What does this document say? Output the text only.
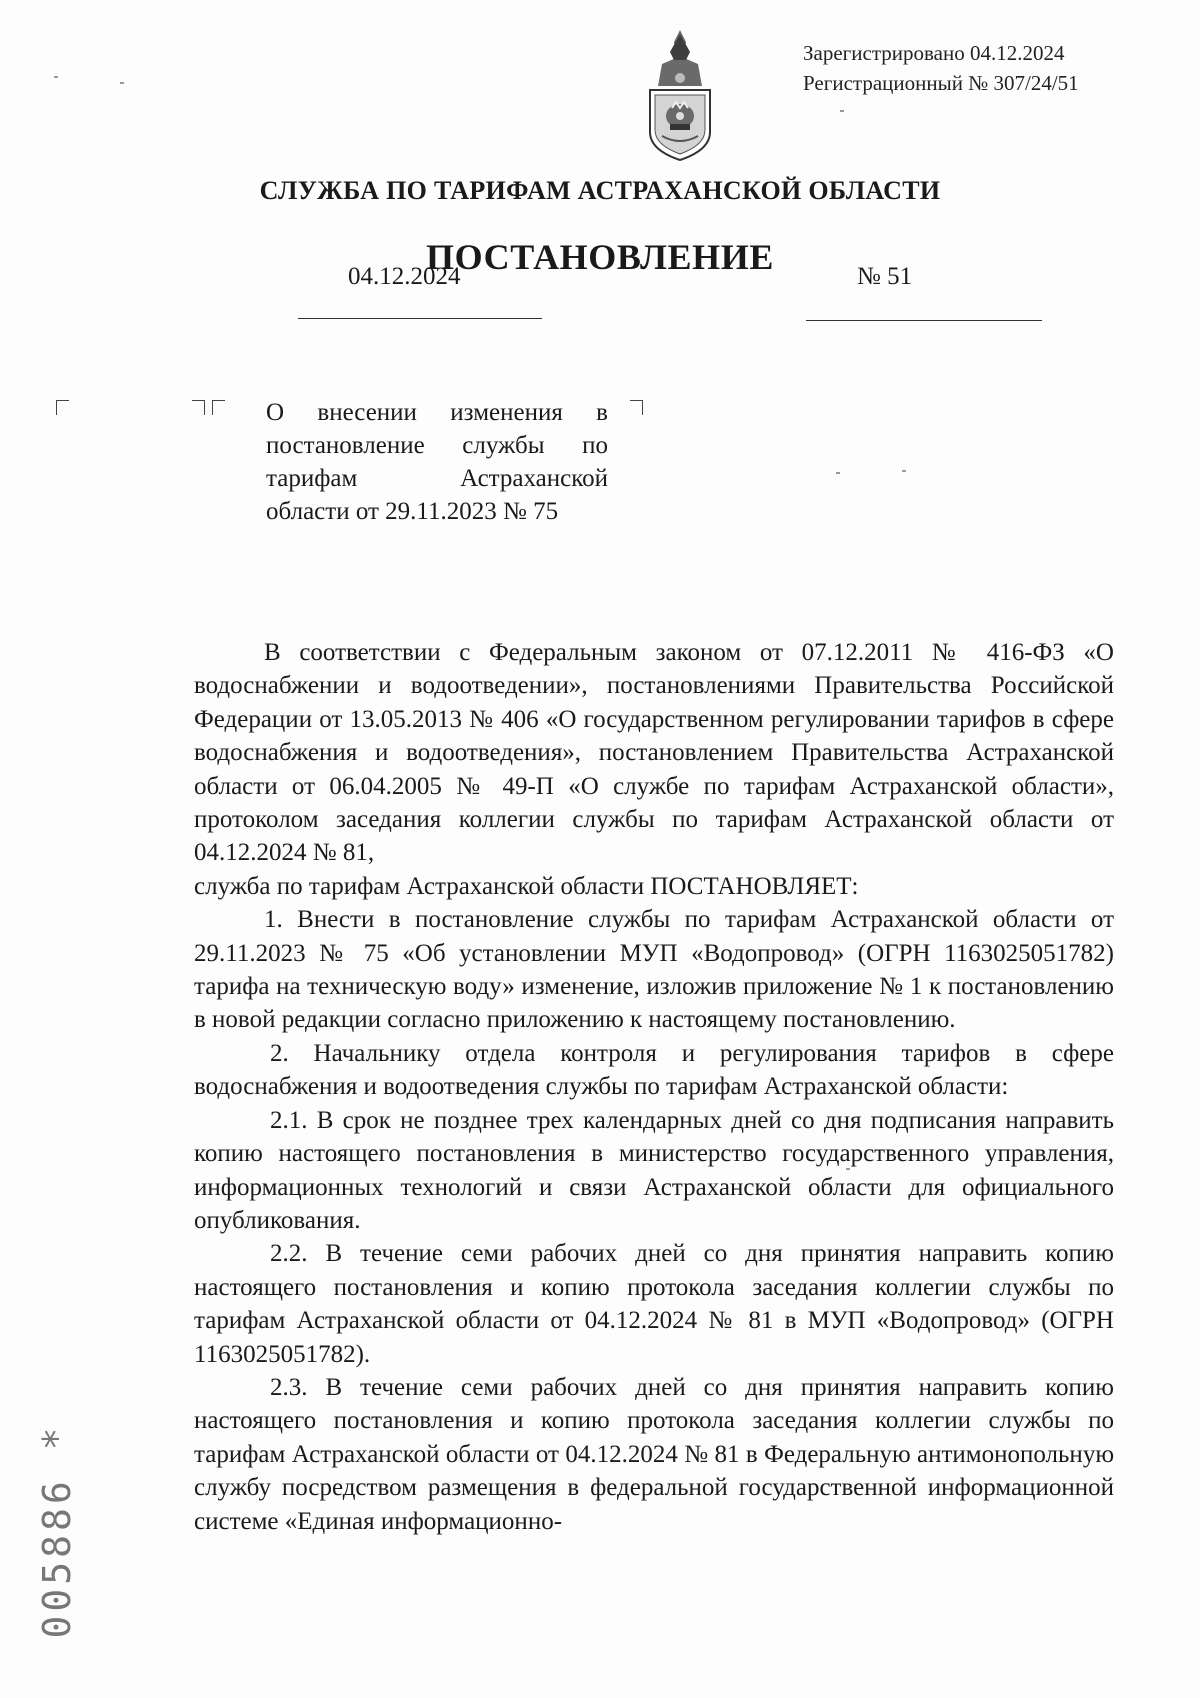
Зарегистрировано 04.12.2024
Регистрационный № 307/24/51
СЛУЖБА ПО ТАРИФАМ АСТРАХАНСКОЙ ОБЛАСТИ
ПОСТАНОВЛЕНИЕ
04.12.2024	№ 51
О внесении изменения в
постановление службы по
тарифам Астраханской
области от 29.11.2023 № 75

В соответствии с Федеральным законом от 07.12.2011 № 416-ФЗ «О водоснабжении и водоотведении», постановлениями Правительства Российской Федерации от 13.05.2013 № 406 «О государственном регулировании тарифов в сфере водоснабжения и водоотведения», постановлением Правительства Астраханской области от 06.04.2005 № 49-П «О службе по тарифам Астраханской области», протоколом заседания коллегии службы по тарифам Астраханской области от 04.12.2024 № 81,

служба по тарифам Астраханской области ПОСТАНОВЛЯЕТ:

1. Внести в постановление службы по тарифам Астраханской области от 29.11.2023 № 75 «Об установлении МУП «Водопровод» (ОГРН 1163025051782) тарифа на техническую воду» изменение, изложив приложение № 1 к постановлению в новой редакции согласно приложению к настоящему постановлению.

2. Начальнику отдела контроля и регулирования тарифов в сфере водоснабжения и водоотведения службы по тарифам Астраханской области:

2.1. В срок не позднее трех календарных дней со дня подписания направить копию настоящего постановления в министерство государственного управления, информационных технологий и связи Астраханской области для официального опубликования.

2.2. В течение семи рабочих дней со дня принятия направить копию настоящего постановления и копию протокола заседания коллегии службы по тарифам Астраханской области от 04.12.2024 № 81 в МУП «Водопровод» (ОГРН 1163025051782).

2.3. В течение семи рабочих дней со дня принятия направить копию настоящего постановления и копию протокола заседания коллегии службы по тарифам Астраханской области от 04.12.2024 № 81 в Федеральную антимонопольную службу посредством размещения в федеральной государственной информационной системе «Единая информационно-

005886 *
